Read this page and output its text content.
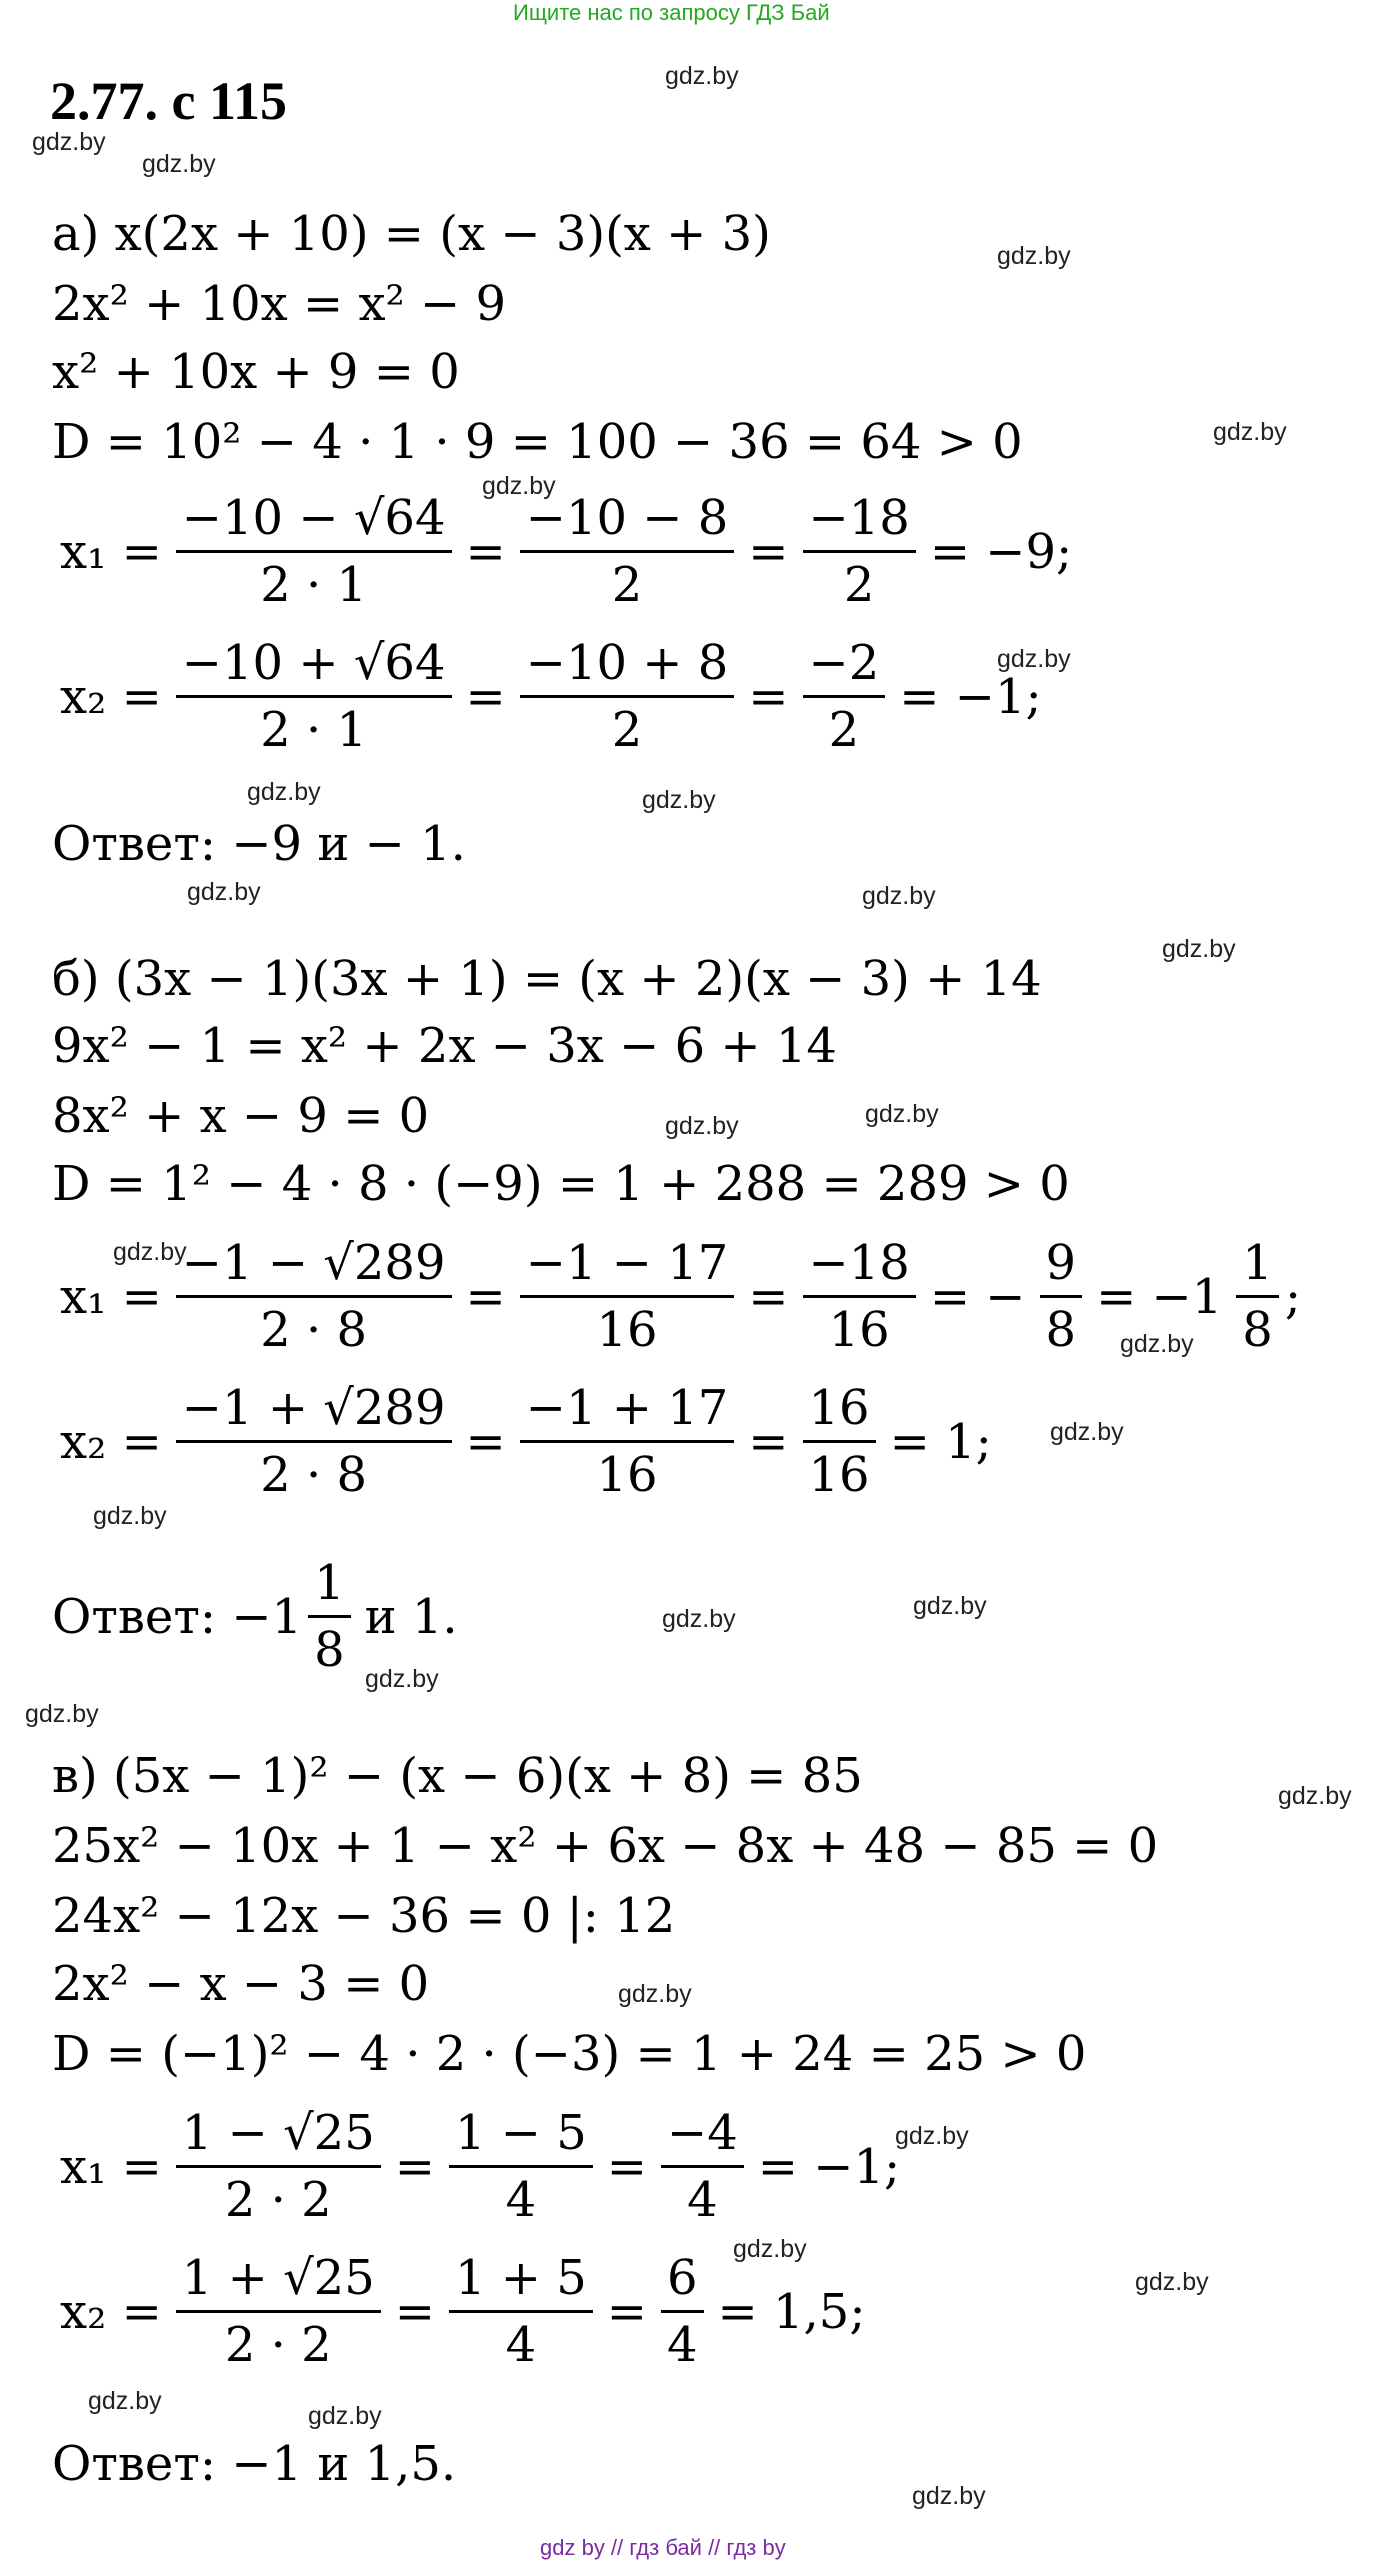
Ищите нас по запросу ГДЗ Бай
2.77. с 115
а) x(2x + 10) = (x − 3)(x + 3)
2x² + 10x = x² − 9
x² + 10x + 9 = 0
D = 10² − 4 · 1 · 9 = 100 − 36 = 64 > 0
$x_1 = \frac{-10 - √64}{2 \cdot 1} = \frac{-10 - 8}{2} = \frac{-18}{2} = -9$;
$x_2 = \frac{-10 + √64}{2 \cdot 1} = \frac{-10 + 8}{2} = \frac{-2}{2} = -1$;
Ответ: −9 и − 1.
б) (3x − 1)(3x + 1) = (x + 2)(x − 3) + 14
9x² − 1 = x² + 2x − 3x − 6 + 14
8x² + x − 9 = 0
D = 1² − 4 · 8 · (−9) = 1 + 288 = 289 > 0
$x_1 = \frac{-1 - √289}{2 \cdot 8} = \frac{-1 - 17}{16} = \frac{-18}{16}$ = − $\frac{9}{8} = -1 \frac{1}{8}$ ;
$x_2 = \frac{-1 + √289}{2 \cdot 8} = \frac{-1 + 17}{16} = \frac{16}{16} = 1$;
Ответ: $-1 \frac{1}{8}$ и 1.
в) (5x − 1)² − (x − 6)(x + 8) = 85
25x² − 10x + 1 − x² + 6x − 8x + 48 − 85 = 0
24x² − 12x − 36 = 0 |: 12
2x² − x − 3 = 0
D = (−1)² − 4 · 2 · (−3) = 1 + 24 = 25 > 0
$x_1 = \frac{1 - √25}{2 \cdot 2} = \frac{1 - 5}{4} = \frac{-4}{4} = -1$;
$x_2 = \frac{1 + √25}{2 \cdot 2} = \frac{1 + 5}{4} = \frac{6}{4} = 1,5$;
Ответ: −1 и 1,5.
gdz.by
gdz.by
gdz.by
gdz.by
gdz.by
gdz.by
gdz.by
gdz.by	gdz.by
gdz.by	gdz.by
gdz.by
gdz.by
gdz.by
gdz.by
gdz.by
gdz.by
gdz.by
gdz.by
gdz.by
gdz.by
gdz.by
gdz.by
gdz.by
gdz.by
gdz.by
gdz.by
gdz.by
gdz.by
gdz.by
gdz by // гдз бай // гдз by
